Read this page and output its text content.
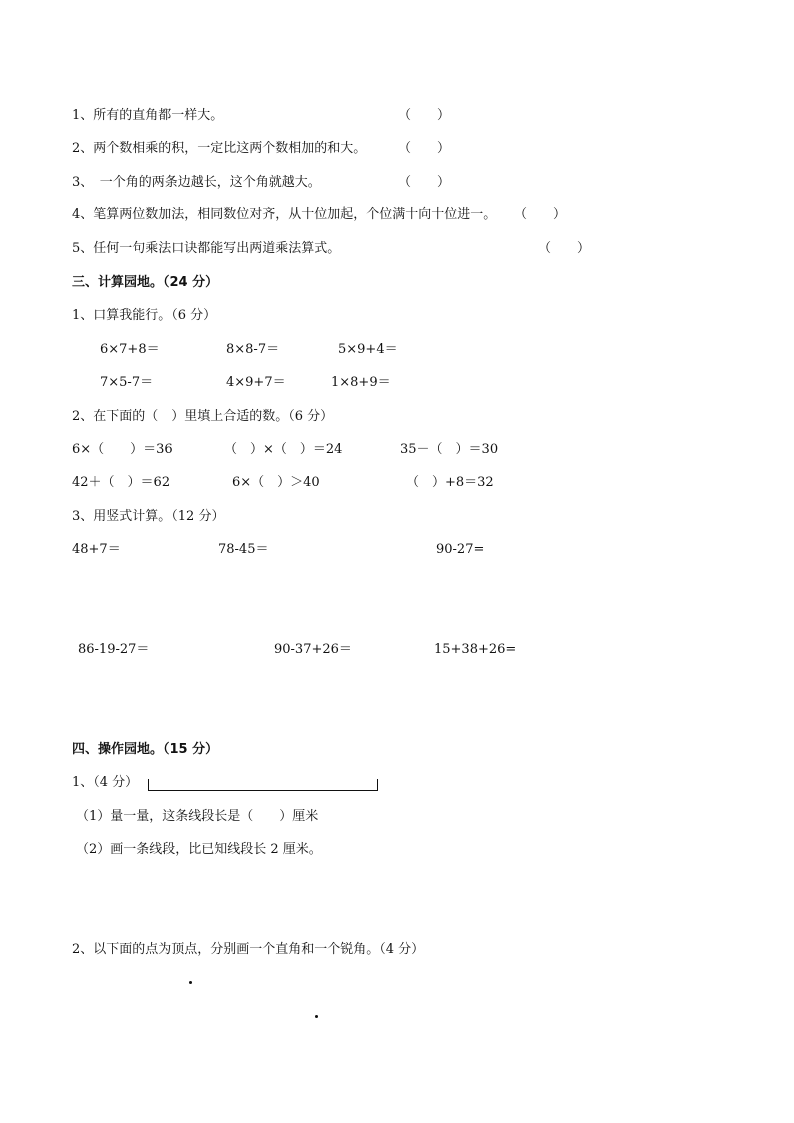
1、所有的直角都一样大。	（　　）
2、两个数相乘的积，一定比这两个数相加的和大。 （　　）
3、　一个角的两条边越长，这个角就越大。	（　　）
4、笔算两位数加法，相同数位对齐，从十位加起，个位满十向十位进一。 （　　）
5、任何一句乘法口诀都能写出两道乘法算式。	（　　）
三、计算园地。（24 分）
1、口算我能行。（6 分）
6×7+8＝	8×8-7＝	5×9+4＝
7×5-7＝	4×9+7＝	1×8+9＝
2、在下面的（　）里填上合适的数。（6 分）
6×（　　）＝36	（　）×（　）＝24	35－（　）＝30
42＋（　）＝62	6×（　）＞40	（　）+8＝32
3、用竖式计算。（12 分）
48+7＝	78-45＝	90-27=
86-19-27＝	90-37+26＝	15+38+26=
四、操作园地。（15 分）
1、（4 分）
（1）量一量，这条线段长是（　　）厘米
（2）画一条线段，比已知线段长 2 厘米。
2、以下面的点为顶点，分别画一个直角和一个锐角。（4 分）
